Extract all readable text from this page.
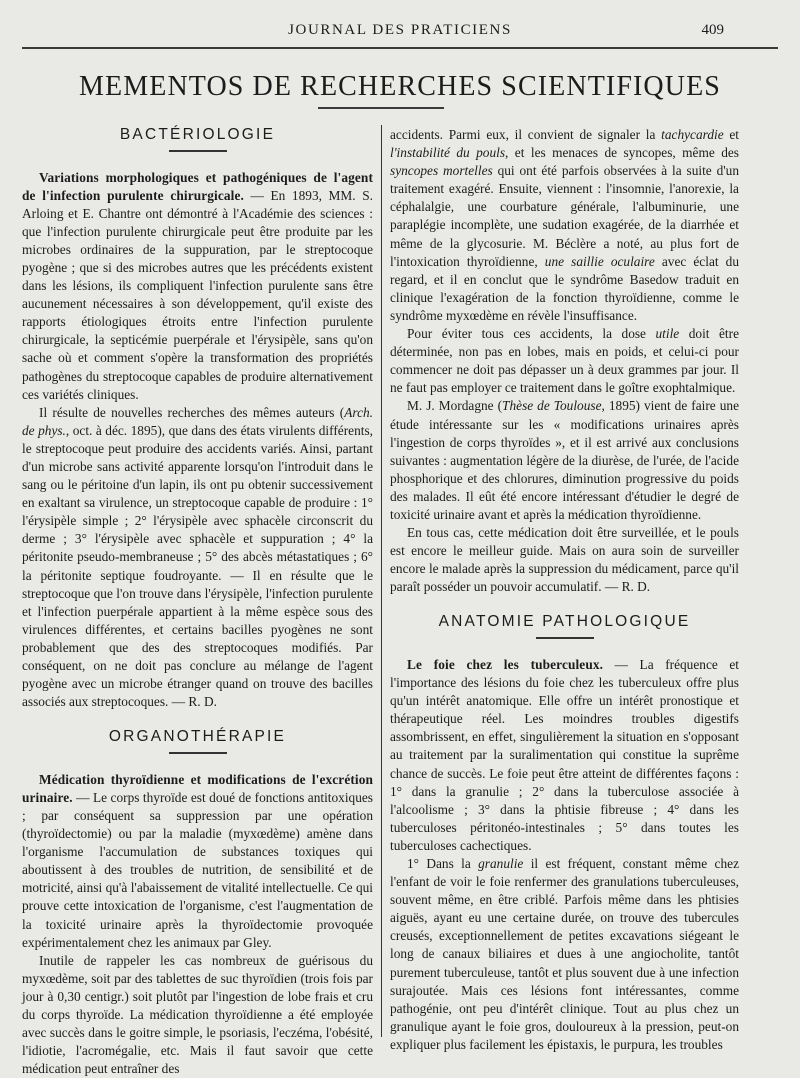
JOURNAL DES PRATICIENS	409
MEMENTOS DE RECHERCHES SCIENTIFIQUES
BACTÉRIOLOGIE

Variations morphologiques et pathogéniques de l'agent de l'infection purulente chirurgicale. — En 1893, MM. S. Arloing et E. Chantre ont démontré à l'Académie des sciences : que l'infection purulente chirurgicale peut être produite par les microbes ordinaires de la suppuration, par le streptocoque pyogène ; que si des microbes autres que les précédents existent dans les lésions, ils compliquent l'infection purulente sans être aucunement nécessaires à son développement, qu'il existe des rapports étiologiques étroits entre l'infection purulente chirurgicale, la septicémie puerpérale et l'érysipèle, sans qu'on sache où et comment s'opère la transformation des propriétés pathogènes du streptocoque capables de produire alternativement ces variétés cliniques.

Il résulte de nouvelles recherches des mêmes auteurs (Arch. de phys., oct. à déc. 1895), que dans des états virulents différents, le streptocoque peut produire des accidents variés. Ainsi, partant d'un microbe sans activité apparente lorsqu'on l'introduit dans le sang ou le péritoine d'un lapin, ils ont pu obtenir successivement en exaltant sa virulence, un streptocoque capable de produire : 1° l'érysipèle simple ; 2° l'érysipèle avec sphacèle circonscrit du derme ; 3° l'érysipèle avec sphacèle et suppuration ; 4° la péritonite pseudo-membraneuse ; 5° des abcès métastatiques ; 6° la péritonite septique foudroyante. — Il en résulte que le streptocoque que l'on trouve dans l'érysipèle, l'infection purulente et l'infection puerpérale appartient à la même espèce sous des virulences différentes, et certains bacilles pyogènes ne sont probablement que des des streptocoques modifiés. Par conséquent, on ne doit pas conclure au mélange de l'agent pyogène avec un microbe étranger quand on trouve des bacilles associés aux streptocoques. — R. D.

ORGANOTHÉRAPIE

Médication thyroïdienne et modifications de l'excrétion urinaire. — Le corps thyroïde est doué de fonctions antitoxiques ; par conséquent sa suppression par une opération (thyroïdectomie) ou par la maladie (myxœdème) amène dans l'organisme l'accumulation de substances toxiques qui aboutissent à des troubles de nutrition, de sensibilité et de motricité, ainsi qu'à l'abaissement de vitalité intellectuelle. Ce qui prouve cette intoxication de l'organisme, c'est l'augmentation de la toxicité urinaire après la thyroïdectomie provoquée expérimentalement chez les animaux par Gley.

Inutile de rappeler les cas nombreux de guérisous du myxœdème, soit par des tablettes de suc thyroïdien (trois fois par jour à 0,30 centigr.) soit plutôt par l'ingestion de lobe frais et cru du corps thyroïde. La médication thyroïdienne a été employée avec succès dans le goitre simple, le psoriasis, l'eczéma, l'obésité, l'idiotie, l'acromégalie, etc. Mais il faut savoir que cette médication peut entraîner des

accidents. Parmi eux, il convient de signaler la tachycardie et l'instabilité du pouls, et les menaces de syncopes, même des syncopes mortelles qui ont été parfois observées à la suite d'un traitement exagéré. Ensuite, viennent : l'insomnie, l'anorexie, la céphalalgie, une courbature générale, l'albuminurie, une paraplégie incomplète, une sudation exagérée, de la diarrhée et même de la glycosurie. M. Béclère a noté, au plus fort de l'intoxication thyroïdienne, une saillie oculaire avec éclat du regard, et il en conclut que le syndrôme Basedow traduit en clinique l'exagération de la fonction thyroïdienne, comme le syndrôme myxœdème en révèle l'insuffisance.

Pour éviter tous ces accidents, la dose utile doit être déterminée, non pas en lobes, mais en poids, et celui-ci pour commencer ne doit pas dépasser un à deux grammes par jour. Il ne faut pas employer ce traitement dans le goître exophtalmique.

M. J. Mordagne (Thèse de Toulouse, 1895) vient de faire une étude intéressante sur les « modifications urinaires après l'ingestion de corps thyroïdes », et il est arrivé aux conclusions suivantes : augmentation légère de la diurèse, de l'urée, de l'acide phosphorique et des chlorures, diminution progressive du poids des malades. Il eût été encore intéressant d'étudier le degré de toxicité urinaire avant et après la médication thyroïdienne.

En tous cas, cette médication doit être surveillée, et le pouls est encore le meilleur guide. Mais on aura soin de surveiller encore le malade après la suppression du médicament, parce qu'il paraît posséder un pouvoir accumulatif. — R. D.

ANATOMIE PATHOLOGIQUE

Le foie chez les tuberculeux. — La fréquence et l'importance des lésions du foie chez les tuberculeux offre plus qu'un intérêt anatomique. Elle offre un intérêt pronostique et thérapeutique réel. Les moindres troubles digestifs assombrissent, en effet, singulièrement la situation en s'opposant au traitement par la suralimentation qui constitue la suprême chance de succès. Le foie peut être atteint de différentes façons : 1° dans la granulie ; 2° dans la tuberculose associée à l'alcoolisme ; 3° dans la phtisie fibreuse ; 4° dans les tuberculoses péritonéo-intestinales ; 5° dans toutes les tuberculoses cachectiques.

1° Dans la granulie il est fréquent, constant même chez l'enfant de voir le foie renfermer des granulations tuberculeuses, souvent même, en être criblé. Parfois même dans les phtisies aiguës, ayant eu une certaine durée, on trouve des tubercules creusés, exceptionnellement de petites excavations siégeant le long de canaux biliaires et dues à une angiocholite, tantôt purement tuberculeuse, tantôt et plus souvent due à une infection surajoutée. Mais ces lésions font intéressantes, comme pathogénie, ont peu d'intérêt clinique. Tout au plus chez un granulique ayant le foie gros, douloureux à la pression, peut-on expliquer plus facilement les épistaxis, le purpura, les troubles
